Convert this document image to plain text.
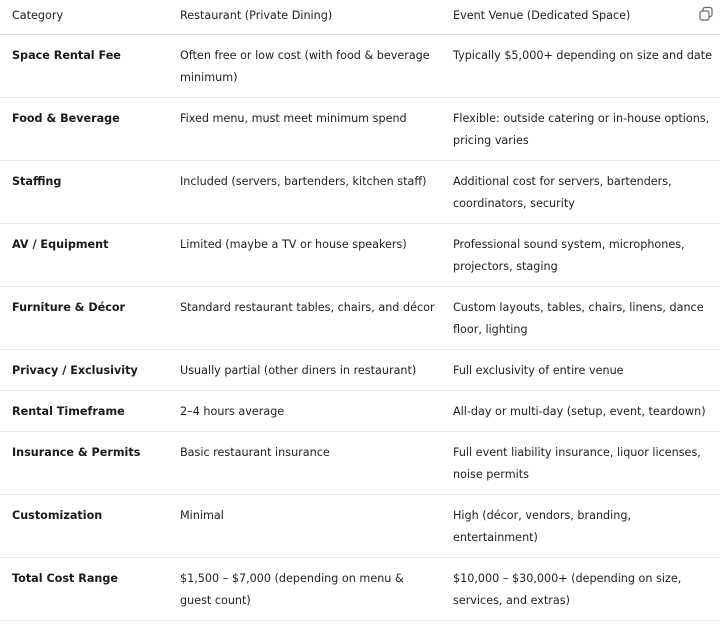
Category	Restaurant (Private Dining)	Event Venue (Dedicated Space)

Space Rental Fee	Often free or low cost (with food & beverage minimum)	Typically $5,000+ depending on size and date
Food & Beverage	Fixed menu, must meet minimum spend	Flexible: outside catering or in-house options, pricing varies
Staffing	Included (servers, bartenders, kitchen staff)	Additional cost for servers, bartenders, coordinators, security
AV / Equipment	Limited (maybe a TV or house speakers)	Professional sound system, microphones, projectors, staging
Furniture & Décor	Standard restaurant tables, chairs, and décor	Custom layouts, tables, chairs, linens, dance floor, lighting
Privacy / Exclusivity	Usually partial (other diners in restaurant)	Full exclusivity of entire venue
Rental Timeframe	2–4 hours average	All-day or multi-day (setup, event, teardown)
Insurance & Permits	Basic restaurant insurance	Full event liability insurance, liquor licenses, noise permits
Customization	Minimal	High (décor, vendors, branding, entertainment)
Total Cost Range	$1,500 – $7,000 (depending on menu & guest count)	$10,000 – $30,000+ (depending on size, services, and extras)
